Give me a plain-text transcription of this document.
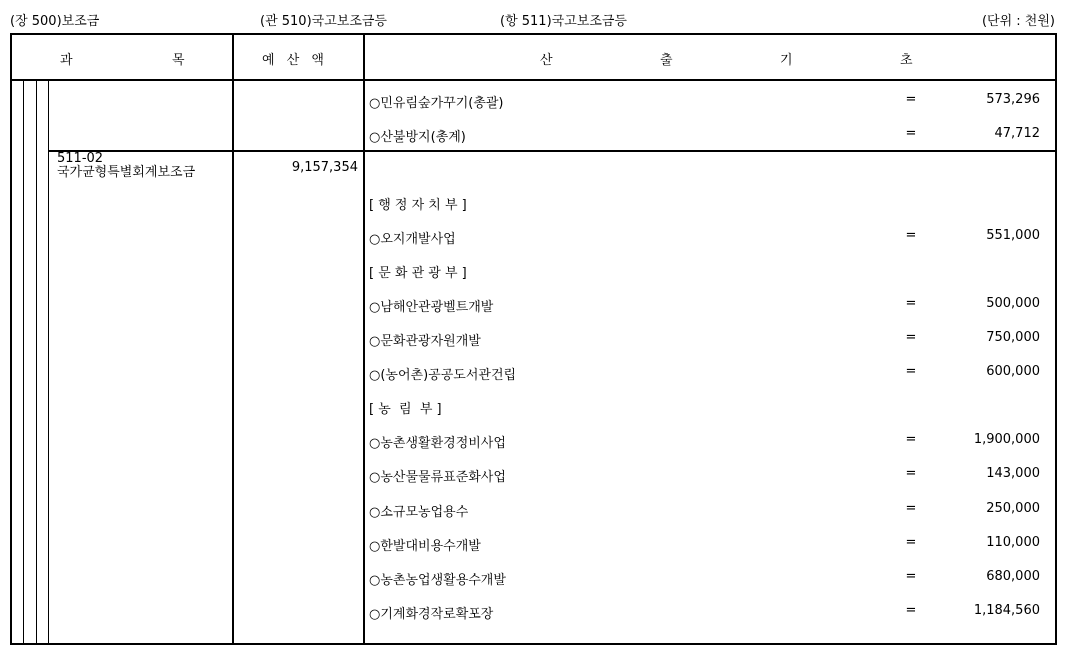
(장 500)보조금	(관 510)국고보조금등	(항 511)국고보조금등	(단위 : 천원)
과	목	예 산 액	산	출	기	초
511-02
국가균형특별회계보조금	9,157,354
○민유림숲가꾸기(총괄)	=	573,296
○산불방지(총계)	=	47,712
[ 행 정 자 치 부 ]
○오지개발사업	=	551,000
[ 문 화 관 광 부 ]
○남해안관광벨트개발	=	500,000
○문화관광자원개발	=	750,000
○(농어촌)공공도서관건립	=	600,000
[ 농  림  부 ]
○농촌생활환경정비사업	=	1,900,000
○농산물물류표준화사업	=	143,000
○소규모농업용수	=	250,000
○한발대비용수개발	=	110,000
○농촌농업생활용수개발	=	680,000
○기계화경작로확포장	=	1,184,560
